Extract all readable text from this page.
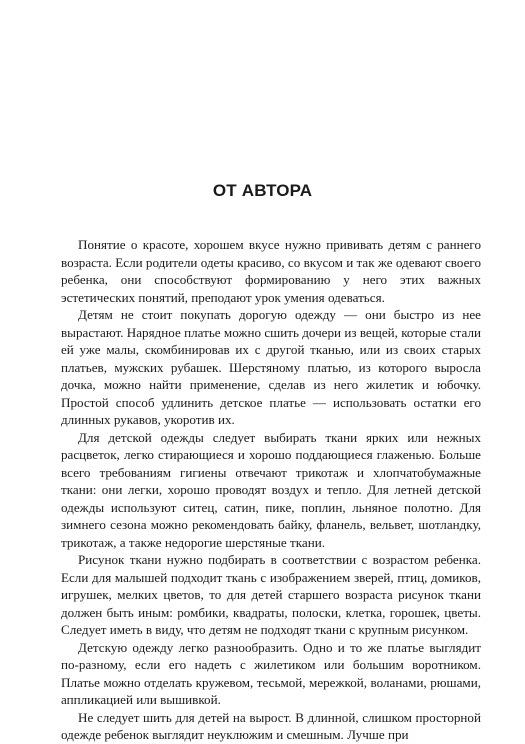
ОТ АВТОРА

Понятие о красоте, хорошем вкусе нужно прививать детям с раннего возраста. Если родители одеты красиво, со вкусом и так же одевают своего ребенка, они способствуют формированию у него этих важных эстетических понятий, преподают урок умения одеваться.

Детям не стоит покупать дорогую одежду — они быстро из нее вырастают. Нарядное платье можно сшить дочери из вещей, которые стали ей уже малы, скомбинировав их с другой тканью, или из своих старых платьев, мужских рубашек. Шерстяному платью, из которого выросла дочка, можно найти применение, сделав из него жилетик и юбочку. Простой способ удлинить детское платье — использовать остатки его длинных рукавов, укоротив их.

Для детской одежды следует выбирать ткани ярких или нежных расцветок, легко стирающиеся и хорошо поддающиеся глаженью. Больше всего требованиям гигиены отвечают трикотаж и хлопчатобумажные ткани: они легки, хорошо проводят воздух и тепло. Для летней детской одежды используют ситец, сатин, пике, поплин, льняное полотно. Для зимнего сезона можно рекомендовать байку, фланель, вельвет, шотландку, трикотаж, а также недорогие шерстяные ткани.

Рисунок ткани нужно подбирать в соответствии с возрастом ребенка. Если для малышей подходит ткань с изображением зверей, птиц, домиков, игрушек, мелких цветов, то для детей старшего возраста рисунок ткани должен быть иным: ромбики, квадраты, полоски, клетка, горошек, цветы. Следует иметь в виду, что детям не подходят ткани с крупным рисунком.

Детскую одежду легко разнообразить. Одно и то же платье выглядит по-разному, если его надеть с жилетиком или большим воротником. Платье можно отделать кружевом, тесьмой, мережкой, воланами, рюшами, аппликацией или вышивкой.

Не следует шить для детей на вырост. В длинной, слишком просторной одежде ребенок выглядит неуклюжим и смешным. Лучше при
